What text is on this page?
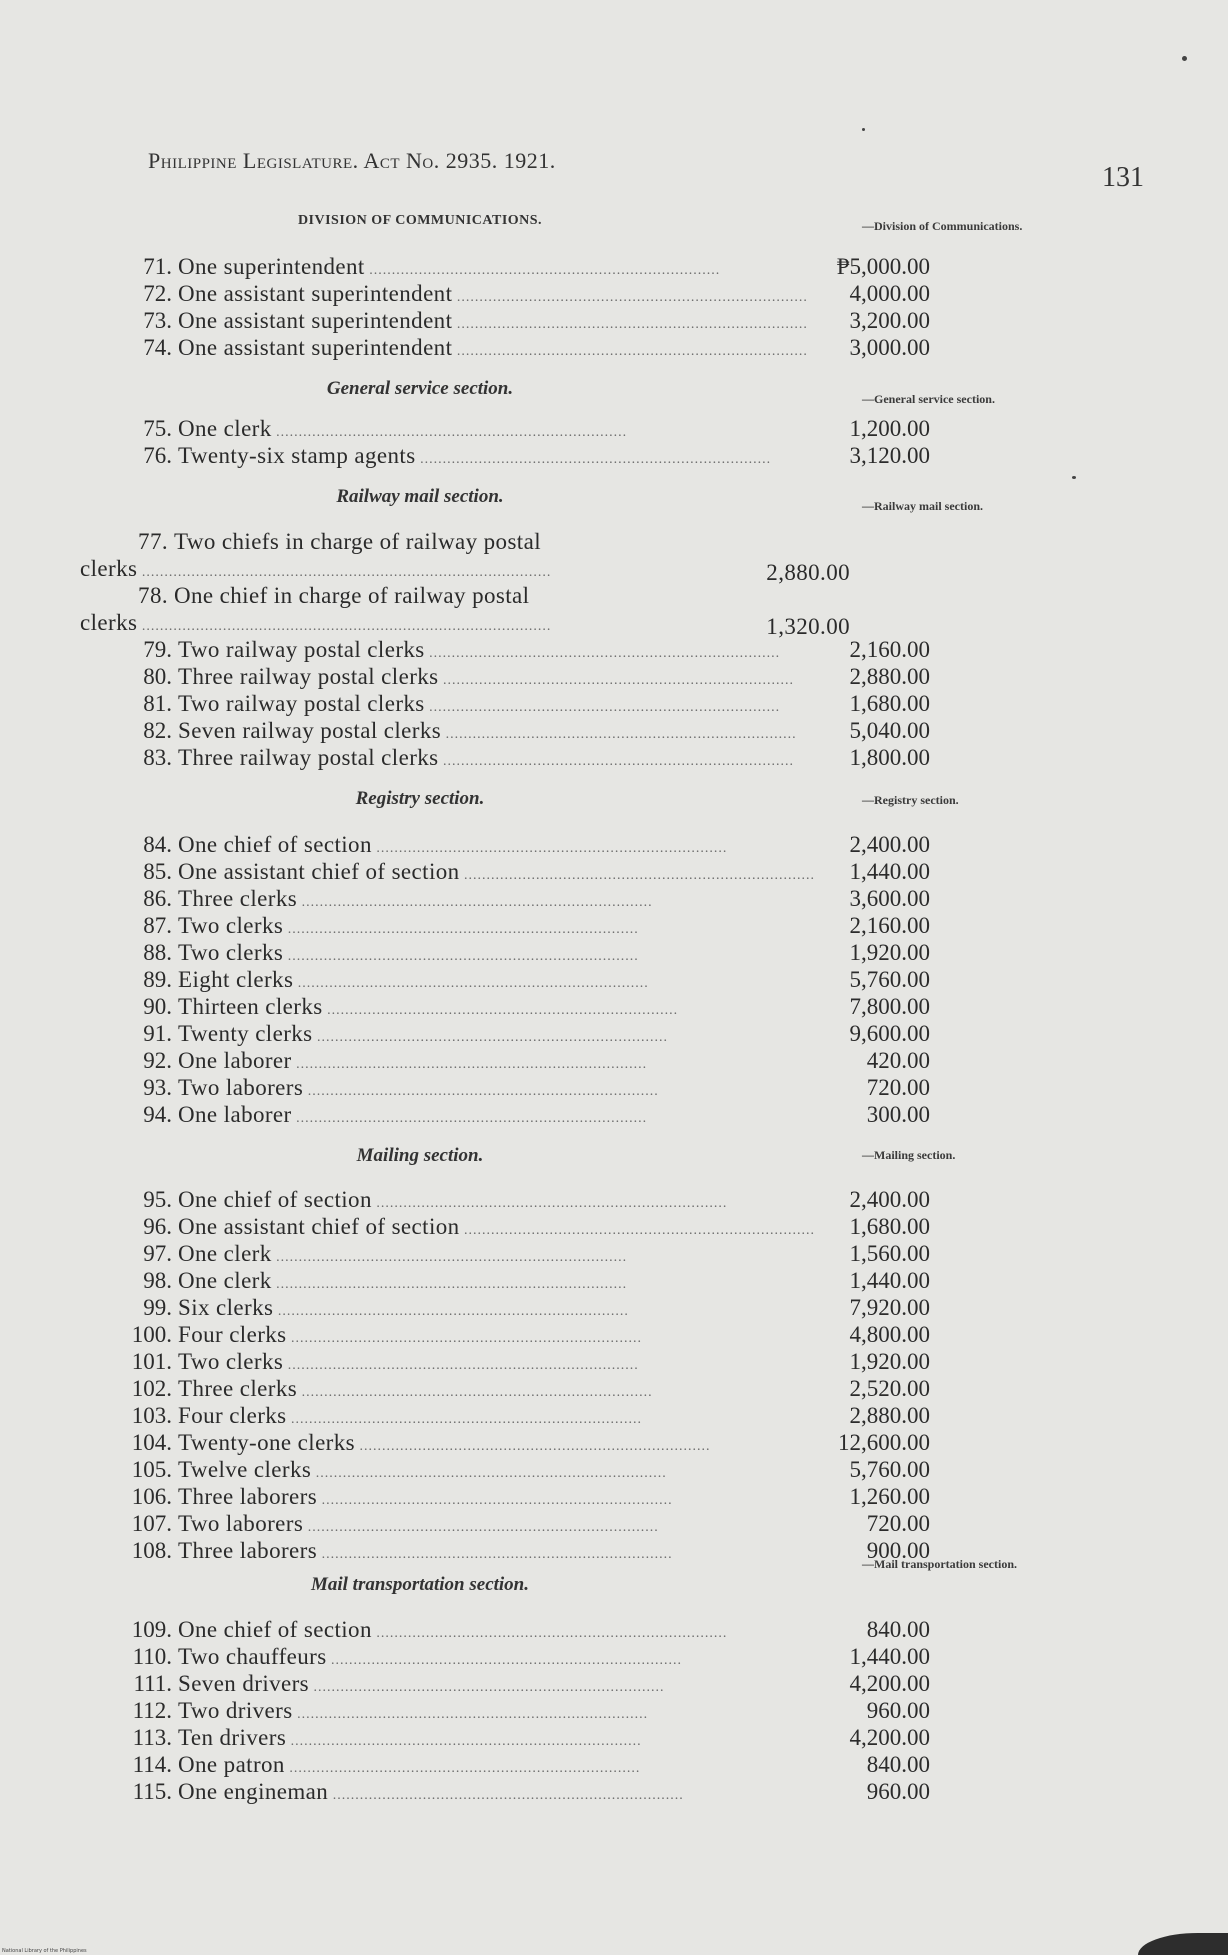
Philippine Legislature. Act No. 2935. 1921.
131
DIVISION OF COMMUNICATIONS.	—Division of Communications.
71. One superintendent ..............................................................................	₱5,000.00
72. One assistant superintendent ..............................................................................	4,000.00
73. One assistant superintendent ..............................................................................	3,200.00
74. One assistant superintendent ..............................................................................	3,000.00
General service section.	—General service section.
75. One clerk ..............................................................................	1,200.00
76. Twenty-six stamp agents ..............................................................................	3,120.00
Railway mail section.	—Railway mail section.
77. Two chiefs in charge of railway postal
clerks ...........................................................................................	2,880.00
78. One chief in charge of railway postal
clerks ...........................................................................................	1,320.00
79. Two railway postal clerks ..............................................................................	2,160.00
80. Three railway postal clerks ..............................................................................	2,880.00
81. Two railway postal clerks ..............................................................................	1,680.00
82. Seven railway postal clerks ..............................................................................	5,040.00
83. Three railway postal clerks ..............................................................................	1,800.00
Registry section.	—Registry section.
84. One chief of section ..............................................................................	2,400.00
85. One assistant chief of section ..............................................................................	1,440.00
86. Three clerks ..............................................................................	3,600.00
87. Two clerks ..............................................................................	2,160.00
88. Two clerks ..............................................................................	1,920.00
89. Eight clerks ..............................................................................	5,760.00
90. Thirteen clerks ..............................................................................	7,800.00
91. Twenty clerks ..............................................................................	9,600.00
92. One laborer ..............................................................................	420.00
93. Two laborers ..............................................................................	720.00
94. One laborer ..............................................................................	300.00
Mailing section.	—Mailing section.
95. One chief of section ..............................................................................	2,400.00
96. One assistant chief of section ..............................................................................	1,680.00
97. One clerk ..............................................................................	1,560.00
98. One clerk ..............................................................................	1,440.00
99. Six clerks ..............................................................................	7,920.00
100. Four clerks ..............................................................................	4,800.00
101. Two clerks ..............................................................................	1,920.00
102. Three clerks ..............................................................................	2,520.00
103. Four clerks ..............................................................................	2,880.00
104. Twenty-one clerks ..............................................................................	12,600.00
105. Twelve clerks ..............................................................................	5,760.00
106. Three laborers ..............................................................................	1,260.00
107. Two laborers ..............................................................................	720.00
108. Three laborers ..............................................................................	900.00
—Mail transportation section.
Mail transportation section.
109. One chief of section ..............................................................................	840.00
110. Two chauffeurs ..............................................................................	1,440.00
111. Seven drivers ..............................................................................	4,200.00
112. Two drivers ..............................................................................	960.00
113. Ten drivers ..............................................................................	4,200.00
114. One patron ..............................................................................	840.00
115. One engineman ..............................................................................	960.00
National Library of the Philippines
